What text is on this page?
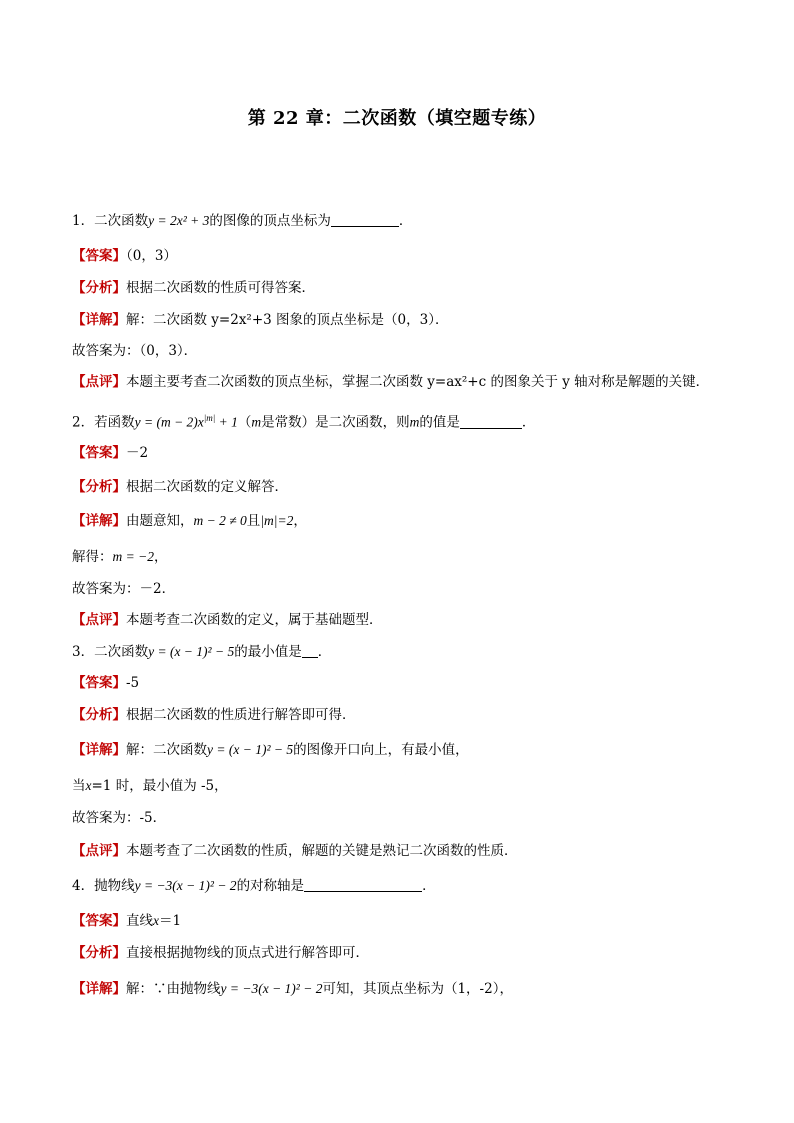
第 22 章：二次函数（填空题专练）
1．二次函数y = 2x² + 3的图像的顶点坐标为	．
【答案】（0，3）
【分析】根据二次函数的性质可得答案．
【详解】解：二次函数 y=2x²+3 图象的顶点坐标是（0，3）．
故答案为：（0，3）．
【点评】本题主要考查二次函数的顶点坐标，掌握二次函数 y=ax²+c 的图象关于 y 轴对称是解题的关键．
2．若函数$y = (m - 2)x^{|m|} + 1(m$是常数）是二次函数，则m的值是	．
【答案】－2
【分析】根据二次函数的定义解答．
【详解】由题意知，m − 2 ≠ 0且|m|=2，
解得：m = −2，
故答案为：－2．
【点评】本题考查二次函数的定义，属于基础题型．
3．二次函数y = (x − 1)² − 5的最小值是 ．
【答案】-5
【分析】根据二次函数的性质进行解答即可得．
【详解】解：二次函数y = (x − 1)² − 5的图像开口向上，有最小值，
当x=1 时，最小值为 -5，
故答案为：-5．
【点评】本题考查了二次函数的性质，解题的关键是熟记二次函数的性质．
4．抛物线y = −3(x − 1)² − 2的对称轴是	．
【答案】直线x＝1
【分析】直接根据抛物线的顶点式进行解答即可．
【详解】解：∵由抛物线y = −3(x − 1)² − 2可知，其顶点坐标为（1，-2），
